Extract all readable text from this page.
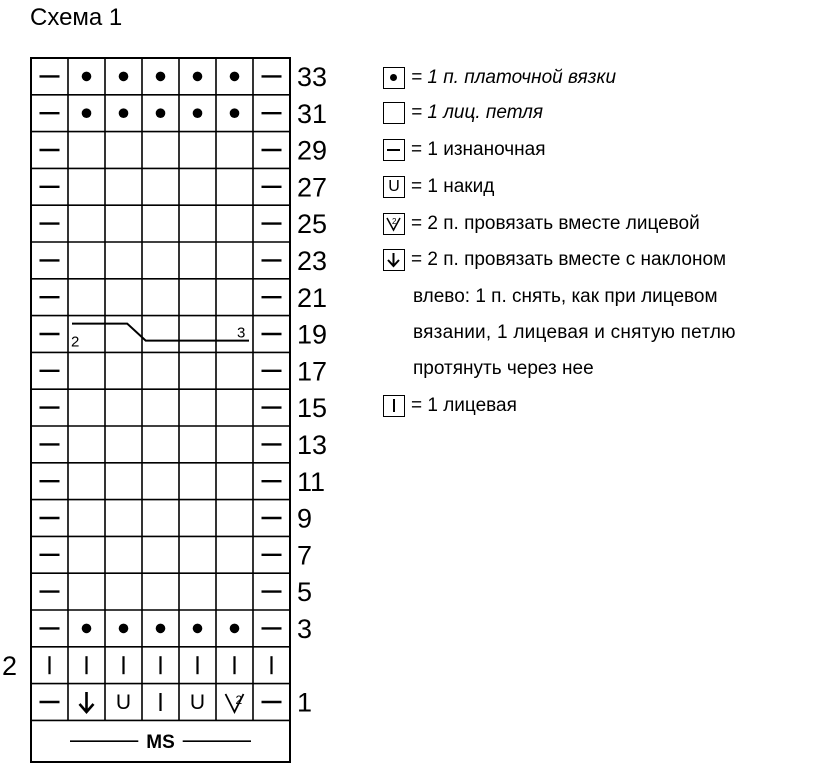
Схема 1
U	U	2
2
3
MS
33
31
29
27
25
23
21
19
17
15
13
11
9
7
5
3
1
2
= 1 п. платочной вязки
= 1 лиц. петля
= 1 изнаночная
U = 1 накид
2 = 2 п. провязать вместе лицевой
= 2 п. провязать вместе с наклоном
влево: 1 п. снять, как при лицевом
вязании, 1 лицевая и снятую петлю
протянуть через нее
= 1 лицевая
